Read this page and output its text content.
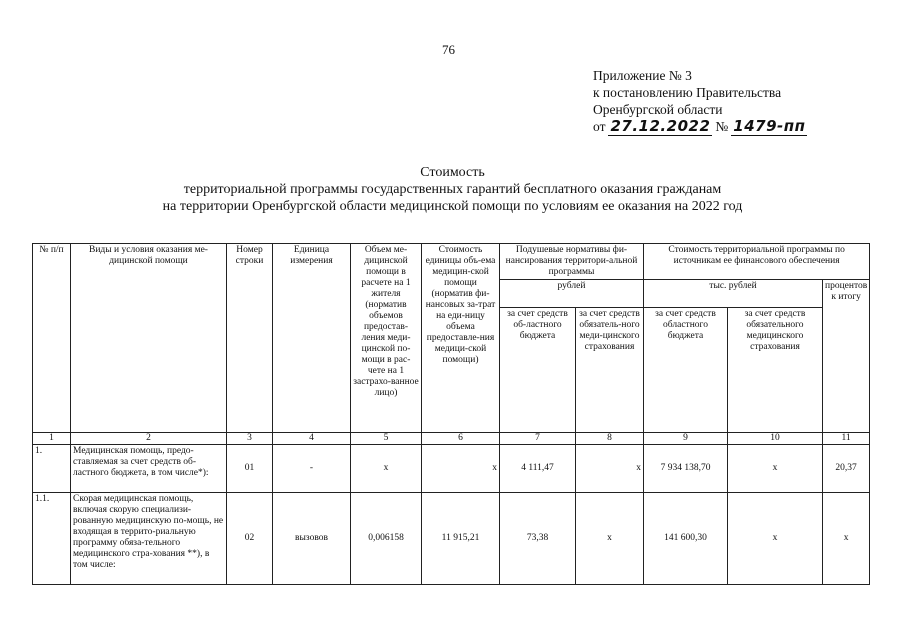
76
Приложение № 3
к постановлению Правительства
Оренбургской области
от 27.12.2022 № 1479-пп
Стоимость
территориальной программы государственных гарантий бесплатного оказания гражданам
на территории Оренбургской области медицинской помощи по условиям ее оказания на 2022 год
№ п/п	Виды и условия оказания ме-дицинской помощи	Номер строки	Единица измерения	Объем ме-дицинской помощи в расчете на 1 жителя (норматив объемов предостав-ления меди-цинской по-мощи в рас-чете на 1 застрахо-ванное лицо)	Стоимость единицы объ-ема медицин-ской помощи (норматив фи-нансовых за-трат на еди-ницу объема предоставле-ния медици-ской помощи)	Подушевые нормативы фи-нансирования территори-альной программы		Стоимость территориальной программы по источникам ее финансового обеспечения		
						рублей		тыс. рублей		процентов к итогу
						за счет средств об-ластного бюджета	за счет средств обязатель-ного меди-цинского страхования	за счет средств областного бюджета	за счет средств обязательного медицинского страхования	
1	2	3	4	5	6	7	8	9	10	11
1.	Медицинская помощь, предо-ставляемая за счет средств об-ластного бюджета, в том числе*):	01	-	х	х	4 111,47	х	7 934 138,70	х	20,37
1.1.	Скорая медицинская помощь, включая скорую специализи-рованную медицинскую по-мощь, не входящая в террито-риальную программу обяза-тельного медицинского стра-хования **), в том числе:	02	вызовов	0,006158	11 915,21	73,38	х	141 600,30	х	х
